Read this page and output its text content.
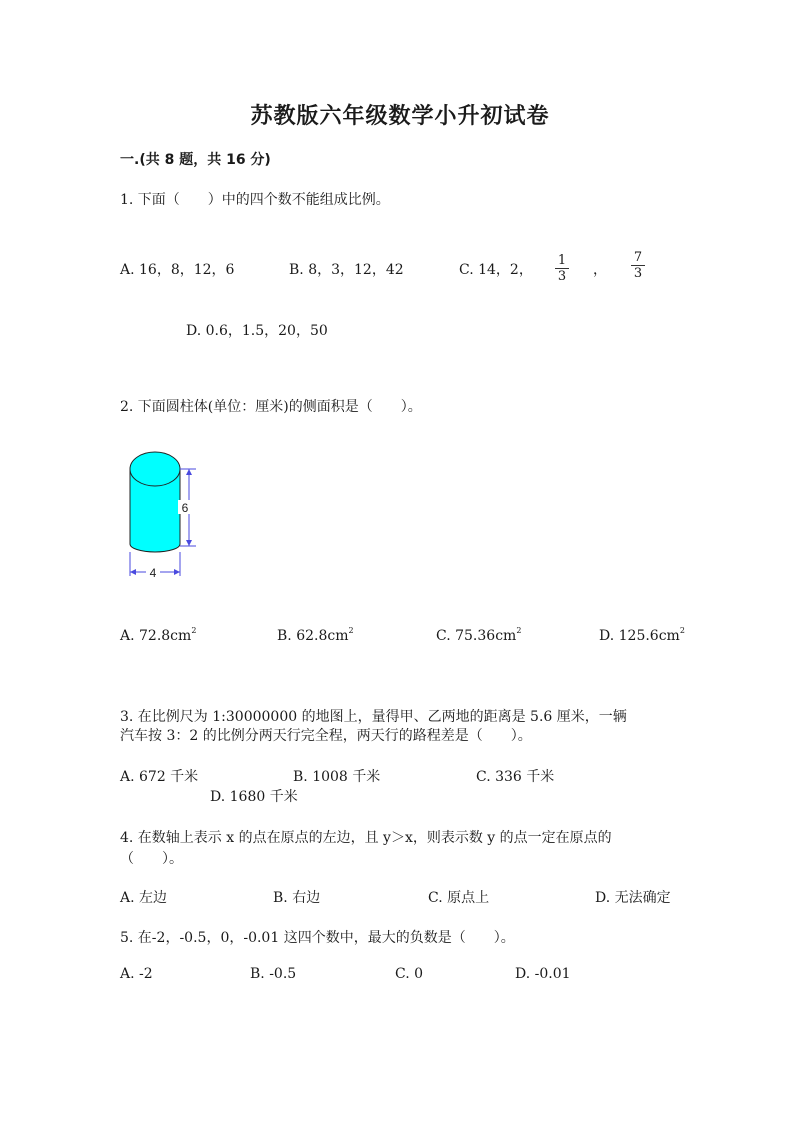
苏教版六年级数学小升初试卷
一.(共 8 题，共 16 分)
1. 下面（　　）中的四个数不能组成比例。
A. 16，8，12，6	B. 8，3，12，42	C. 14，2，
1
3 ，
7
3
D. 0.6，1.5，20，50
2. 下面圆柱体(单位：厘米)的侧面积是（　　）。
6
4
A. $72.8cm^2$	B. $62.8cm^2$	C. $75.36cm^2$	D. $125.6cm^2$
3. 在比例尺为 1:30000000 的地图上，量得甲、乙两地的距离是 5.6 厘米，一辆
汽车按 3：2 的比例分两天行完全程，两天行的路程差是（　　）。
A. 672 千米	B. 1008 千米	C. 336 千米
D. 1680 千米
4. 在数轴上表示 x 的点在原点的左边，且 y＞x，则表示数 y 的点一定在原点的
（　　）。
A. 左边	B. 右边	C. 原点上	D. 无法确定
5. 在-2，-0.5，0，-0.01 这四个数中，最大的负数是（　　）。
A. -2	B. -0.5	C. 0	D. -0.01
